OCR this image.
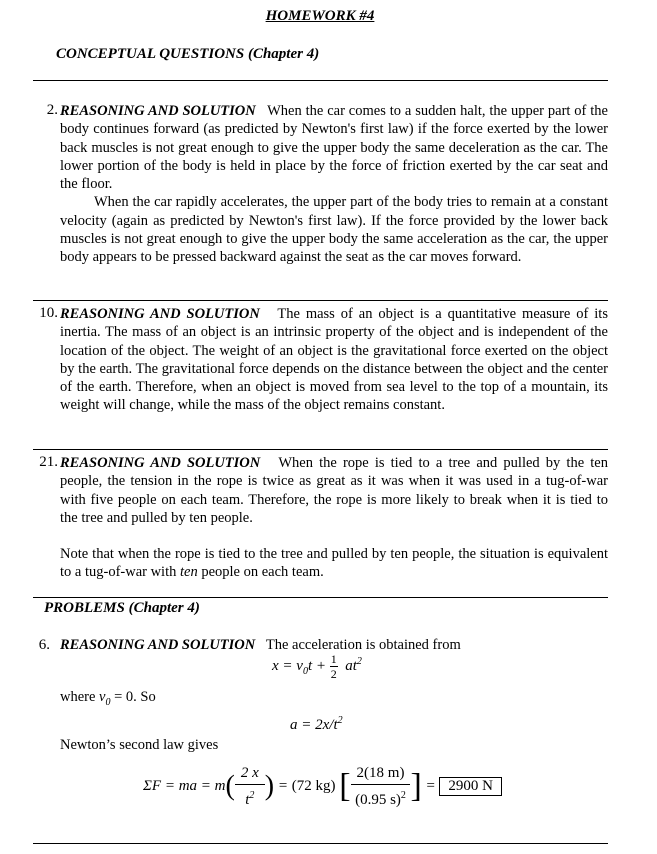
HOMEWORK #4
CONCEPTUAL QUESTIONS (Chapter 4)
2. REASONING AND SOLUTION When the car comes to a sudden halt, the upper part of the body continues forward (as predicted by Newton's first law) if the force exerted by the lower back muscles is not great enough to give the upper body the same deceleration as the car. The lower portion of the body is held in place by the force of friction exerted by the car seat and the floor.
When the car rapidly accelerates, the upper part of the body tries to remain at a constant velocity (again as predicted by Newton's first law). If the force provided by the lower back muscles is not great enough to give the upper body the same acceleration as the car, the upper body appears to be pressed backward against the seat as the car moves forward.
10. REASONING AND SOLUTION The mass of an object is a quantitative measure of its inertia. The mass of an object is an intrinsic property of the object and is independent of the location of the object. The weight of an object is the gravitational force exerted on the object by the earth. The gravitational force depends on the distance between the object and the center of the earth. Therefore, when an object is moved from sea level to the top of a mountain, its weight will change, while the mass of the object remains constant.
21. REASONING AND SOLUTION When the rope is tied to a tree and pulled by the ten people, the tension in the rope is twice as great as it was when it was used in a tug-of-war with five people on each team. Therefore, the rope is more likely to break when it is tied to the tree and pulled by ten people.
Note that when the rope is tied to the tree and pulled by ten people, the situation is equivalent to a tug-of-war with ten people on each team.
PROBLEMS (Chapter 4)
6. REASONING AND SOLUTION The acceleration is obtained from
$x = v_0t + \frac{1}{2} at^2$
where $v_0 = 0$. So
$a = 2x/t^2$
Newton’s second law gives
ΣF = ma = $m( \frac{2 x}{t^2}$ ) = (72 kg) [ $\frac{2(18 m)}{(0.95 s)^2}$ ] = 2900 N
